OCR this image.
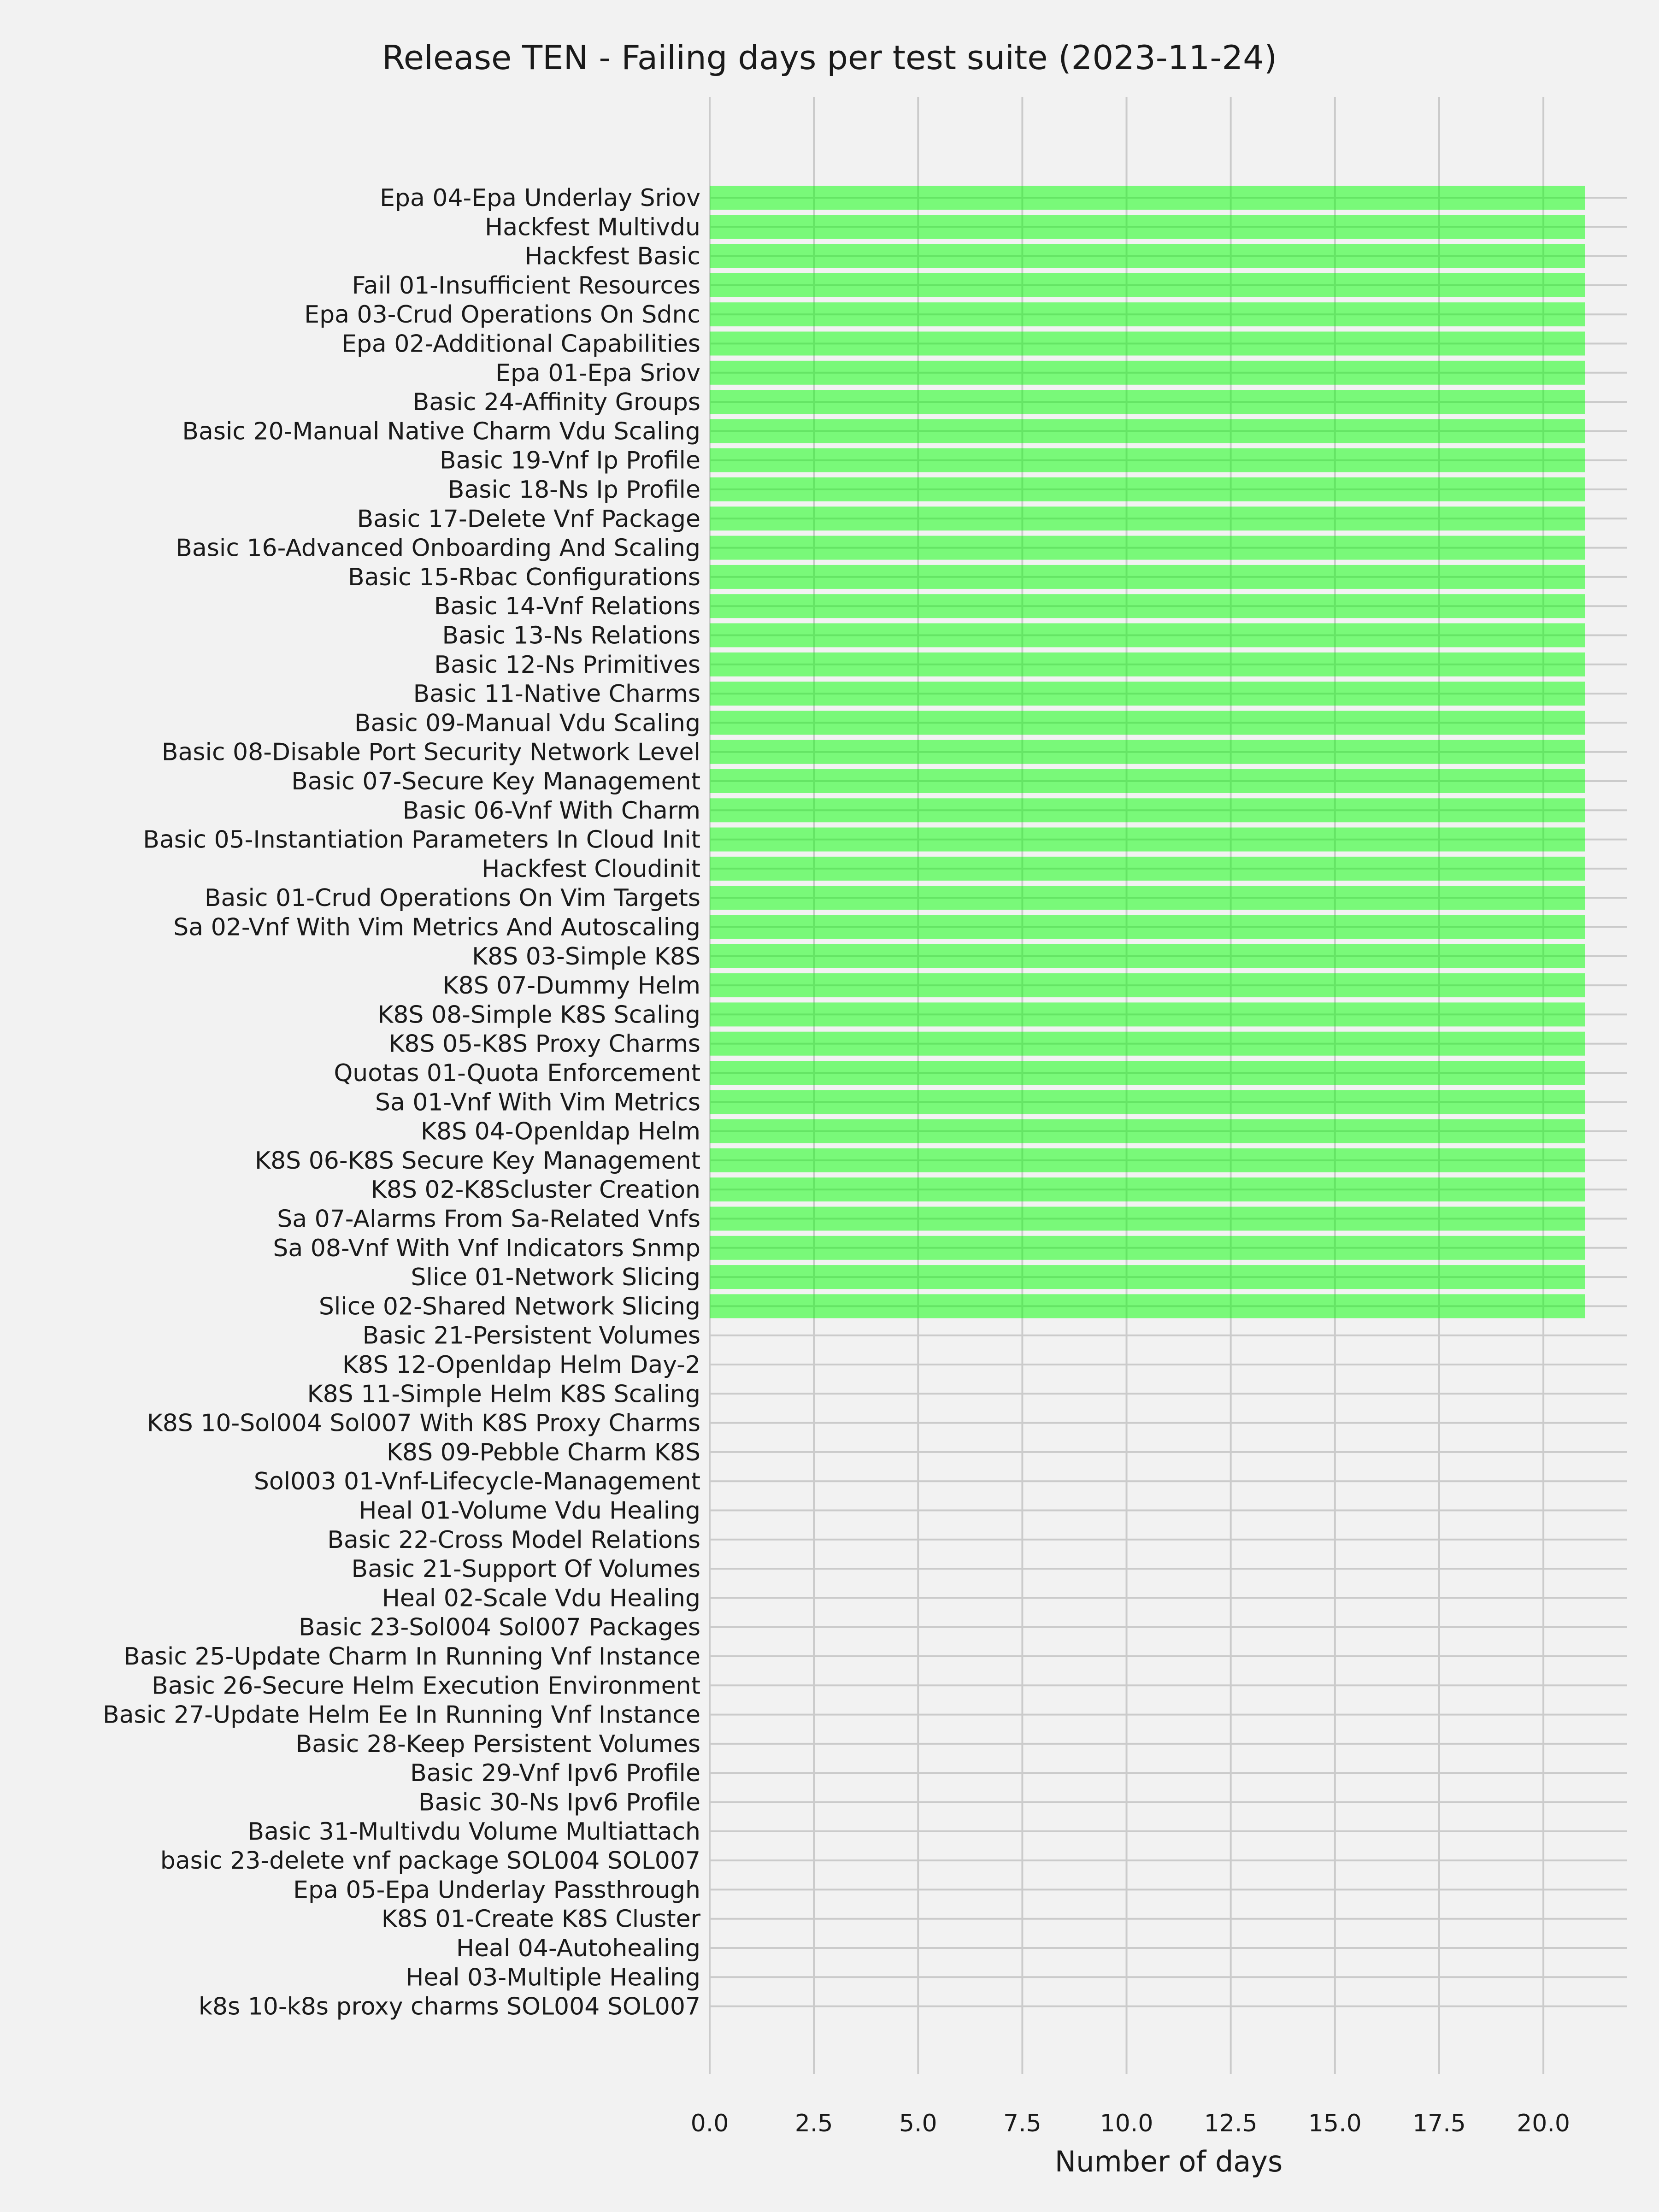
Release TEN - Failing days per test suite (2023-11-24)
Epa 04-Epa Underlay Sriov
Hackfest Multivdu
Hackfest Basic
Fail 01-Insufficient Resources
Epa 03-Crud Operations On Sdnc
Epa 02-Additional Capabilities
Epa 01-Epa Sriov
Basic 24-Affinity Groups
Basic 20-Manual Native Charm Vdu Scaling
Basic 19-Vnf Ip Profile
Basic 18-Ns Ip Profile
Basic 17-Delete Vnf Package
Basic 16-Advanced Onboarding And Scaling
Basic 15-Rbac Configurations
Basic 14-Vnf Relations
Basic 13-Ns Relations
Basic 12-Ns Primitives
Basic 11-Native Charms
Basic 09-Manual Vdu Scaling
Basic 08-Disable Port Security Network Level
Basic 07-Secure Key Management
Basic 06-Vnf With Charm
Basic 05-Instantiation Parameters In Cloud Init
Hackfest Cloudinit
Basic 01-Crud Operations On Vim Targets
Sa 02-Vnf With Vim Metrics And Autoscaling
K8S 03-Simple K8S
K8S 07-Dummy Helm
K8S 08-Simple K8S Scaling
K8S 05-K8S Proxy Charms
Quotas 01-Quota Enforcement
Sa 01-Vnf With Vim Metrics
K8S 04-Openldap Helm
K8S 06-K8S Secure Key Management
K8S 02-K8Scluster Creation
Sa 07-Alarms From Sa-Related Vnfs
Sa 08-Vnf With Vnf Indicators Snmp
Slice 01-Network Slicing
Slice 02-Shared Network Slicing
Basic 21-Persistent Volumes
K8S 12-Openldap Helm Day-2
K8S 11-Simple Helm K8S Scaling
K8S 10-Sol004 Sol007 With K8S Proxy Charms
K8S 09-Pebble Charm K8S
Sol003 01-Vnf-Lifecycle-Management
Heal 01-Volume Vdu Healing
Basic 22-Cross Model Relations
Basic 21-Support Of Volumes
Heal 02-Scale Vdu Healing
Basic 23-Sol004 Sol007 Packages
Basic 25-Update Charm In Running Vnf Instance
Basic 26-Secure Helm Execution Environment
Basic 27-Update Helm Ee In Running Vnf Instance
Basic 28-Keep Persistent Volumes
Basic 29-Vnf Ipv6 Profile
Basic 30-Ns Ipv6 Profile
Basic 31-Multivdu Volume Multiattach
basic 23-delete vnf package SOL004 SOL007
Epa 05-Epa Underlay Passthrough
K8S 01-Create K8S Cluster
Heal 04-Autohealing
Heal 03-Multiple Healing
k8s 10-k8s proxy charms SOL004 SOL007
0.0	2.5	5.0	7.5 10.0 12.5 15.0 17.5 20.0
Number of days
